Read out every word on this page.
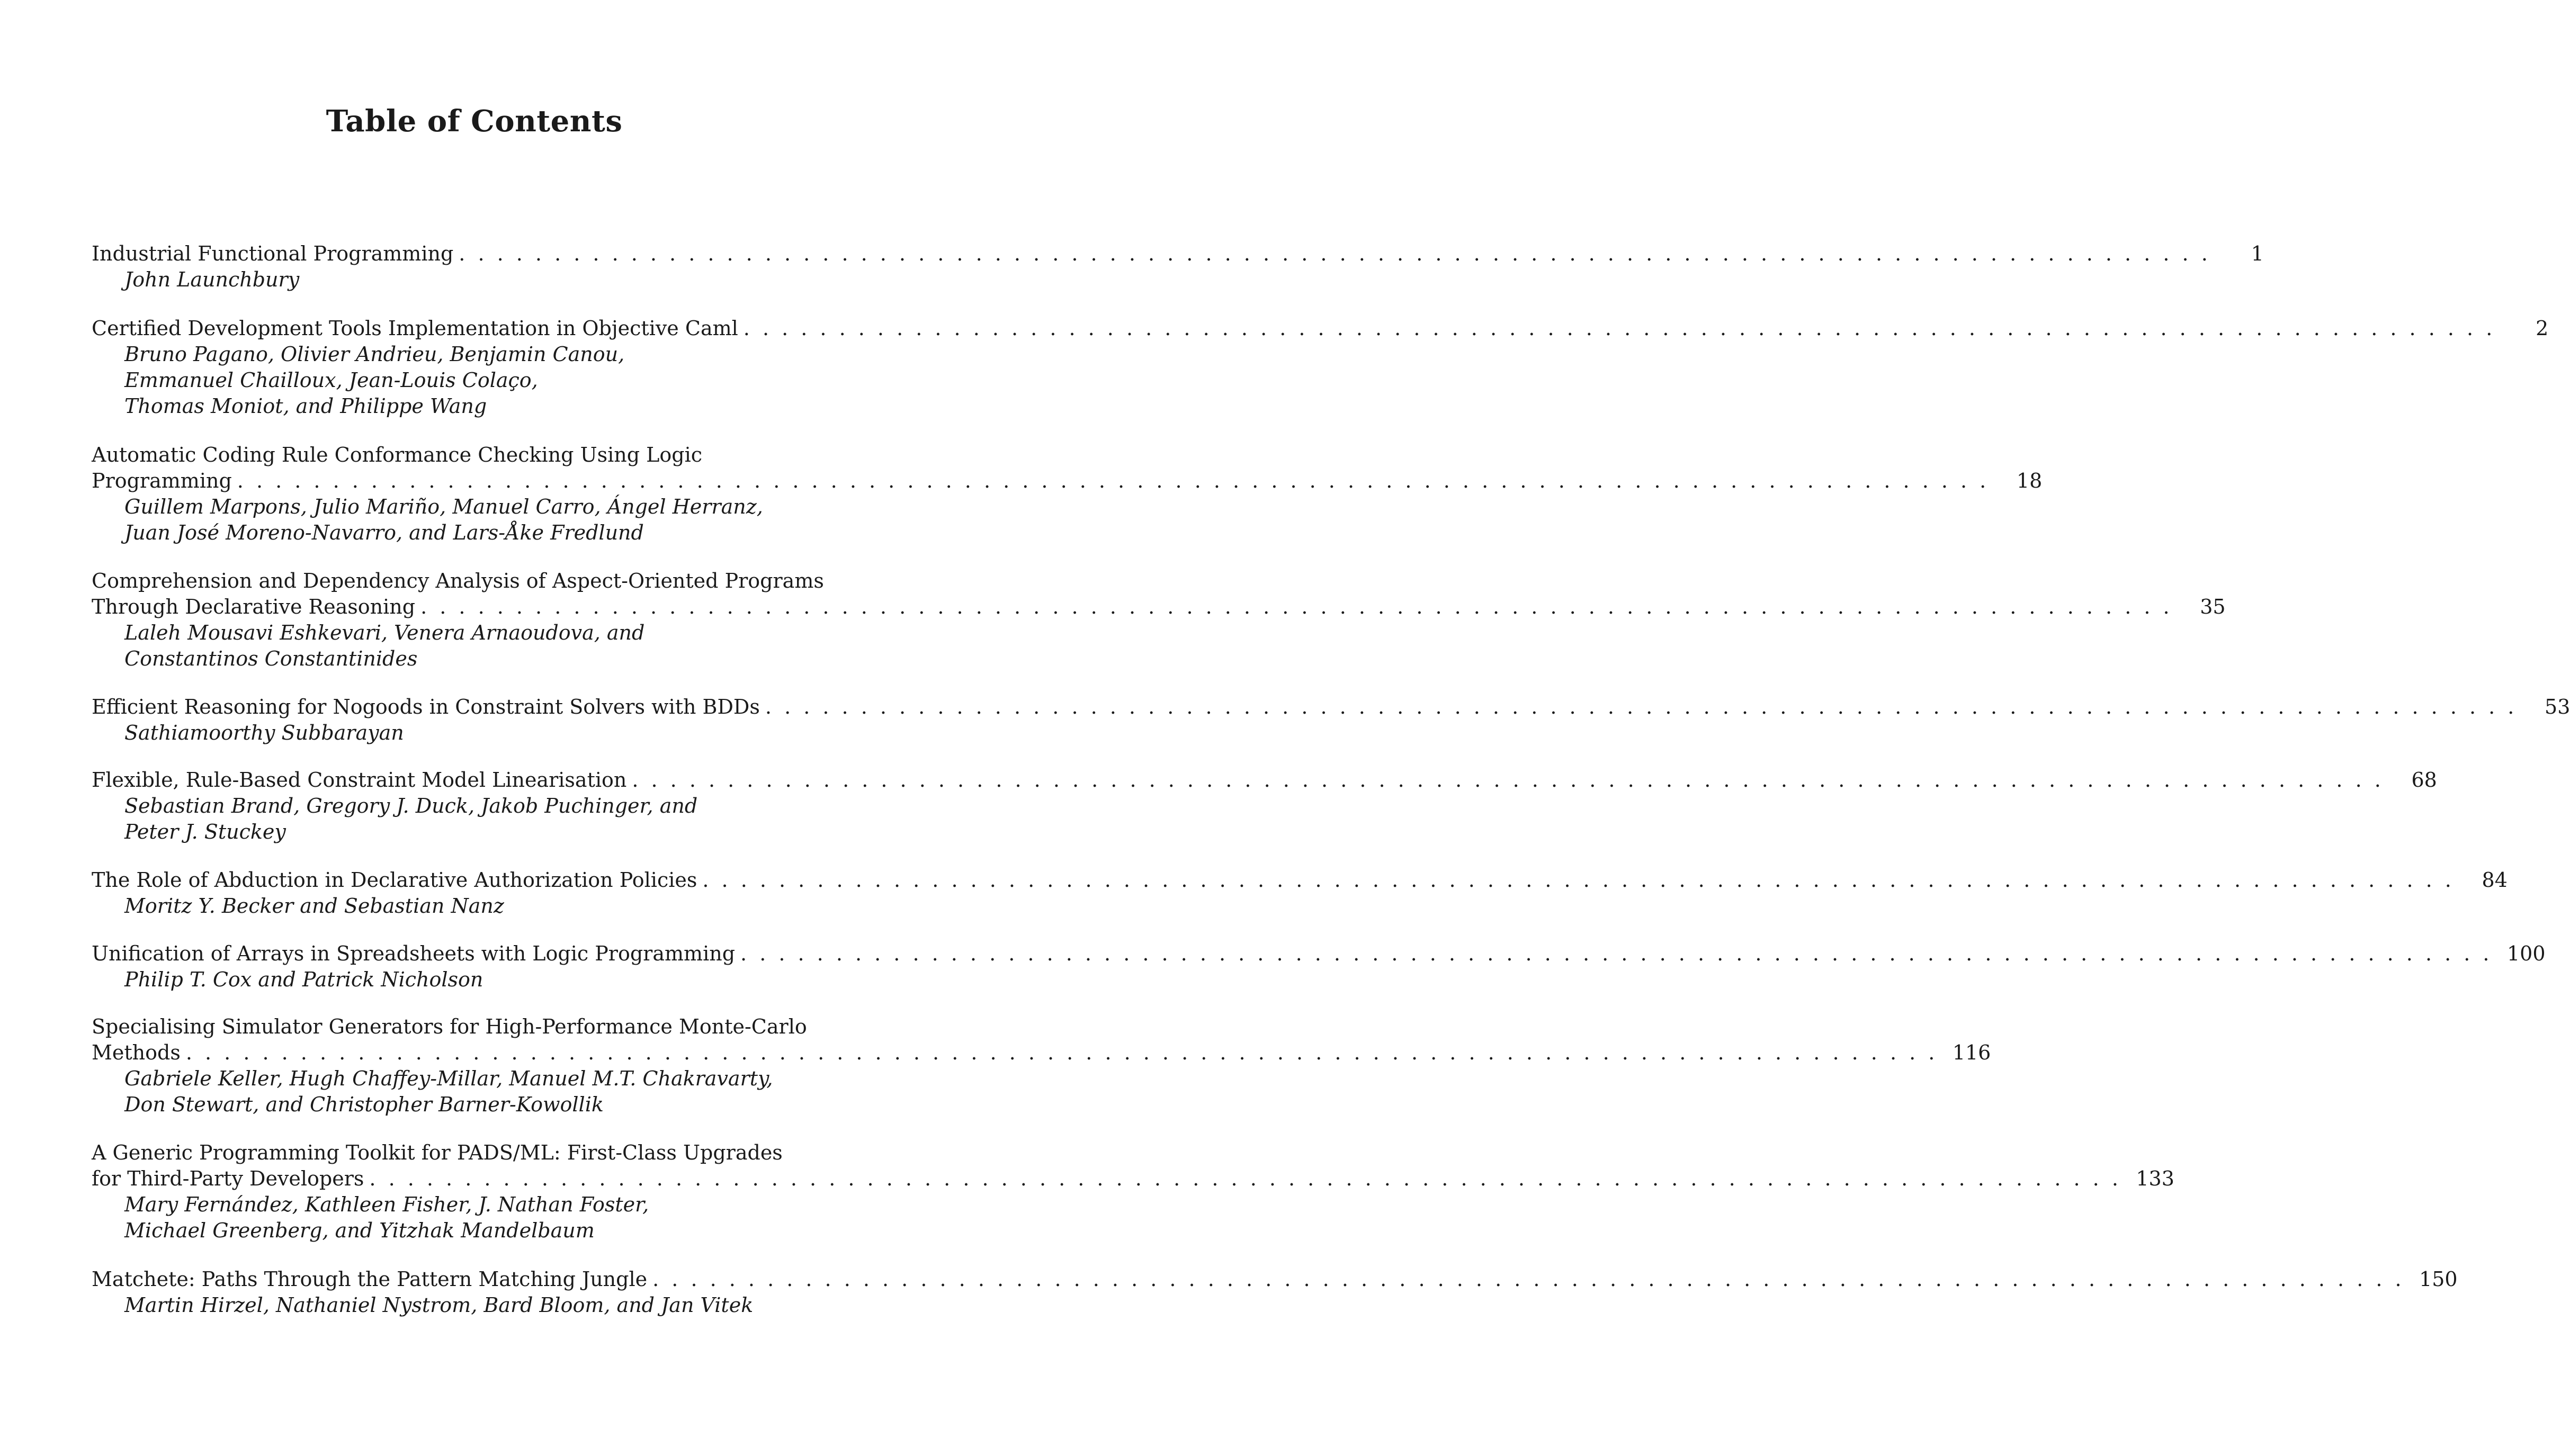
Table of Contents
Industrial Functional Programming . . . . . . . . . . . . . . . . . . . . . . . . . . . . . . . . . . . . . . . . . . . . . . . . . . . . . . . . . . . . . . . . . . . . . . . . . . . . . . . . . . . . . . . . . . . .	1
John Launchbury
Certified Development Tools Implementation in Objective Caml . . . . . . . . . . . . . . . . . . . . . . . . . . . . . . . . . . . . . . . . . . . . . . . . . . . . . . . . . . . . . . . . . . . . . . . . . . . . . . . . . . . . . . . . . . . .	2
Bruno Pagano, Olivier Andrieu, Benjamin Canou,
Emmanuel Chailloux, Jean-Louis Colaço,
Thomas Moniot, and Philippe Wang
Automatic Coding Rule Conformance Checking Using Logic
Programming . . . . . . . . . . . . . . . . . . . . . . . . . . . . . . . . . . . . . . . . . . . . . . . . . . . . . . . . . . . . . . . . . . . . . . . . . . . . . . . . . . . . . . . . . . . .	18
Guillem Marpons, Julio Mariño, Manuel Carro, Ángel Herranz,
Juan José Moreno-Navarro, and Lars-Åke Fredlund
Comprehension and Dependency Analysis of Aspect-Oriented Programs
Through Declarative Reasoning . . . . . . . . . . . . . . . . . . . . . . . . . . . . . . . . . . . . . . . . . . . . . . . . . . . . . . . . . . . . . . . . . . . . . . . . . . . . . . . . . . . . . . . . . . . .	35
Laleh Mousavi Eshkevari, Venera Arnaoudova, and
Constantinos Constantinides
Efficient Reasoning for Nogoods in Constraint Solvers with BDDs . . . . . . . . . . . . . . . . . . . . . . . . . . . . . . . . . . . . . . . . . . . . . . . . . . . . . . . . . . . . . . . . . . . . . . . . . . . . . . . . . . . . . . . . . . . .	53
Sathiamoorthy Subbarayan
Flexible, Rule-Based Constraint Model Linearisation . . . . . . . . . . . . . . . . . . . . . . . . . . . . . . . . . . . . . . . . . . . . . . . . . . . . . . . . . . . . . . . . . . . . . . . . . . . . . . . . . . . . . . . . . . . .	68
Sebastian Brand, Gregory J. Duck, Jakob Puchinger, and
Peter J. Stuckey
The Role of Abduction in Declarative Authorization Policies . . . . . . . . . . . . . . . . . . . . . . . . . . . . . . . . . . . . . . . . . . . . . . . . . . . . . . . . . . . . . . . . . . . . . . . . . . . . . . . . . . . . . . . . . . . .	84
Moritz Y. Becker and Sebastian Nanz
Unification of Arrays in Spreadsheets with Logic Programming . . . . . . . . . . . . . . . . . . . . . . . . . . . . . . . . . . . . . . . . . . . . . . . . . . . . . . . . . . . . . . . . . . . . . . . . . . . . . . . . . . . . . . . . . . . . 100
Philip T. Cox and Patrick Nicholson
Specialising Simulator Generators for High-Performance Monte-Carlo
Methods . . . . . . . . . . . . . . . . . . . . . . . . . . . . . . . . . . . . . . . . . . . . . . . . . . . . . . . . . . . . . . . . . . . . . . . . . . . . . . . . . . . . . . . . . . . . 116
Gabriele Keller, Hugh Chaffey-Millar, Manuel M.T. Chakravarty,
Don Stewart, and Christopher Barner-Kowollik
A Generic Programming Toolkit for PADS/ML: First-Class Upgrades
for Third-Party Developers . . . . . . . . . . . . . . . . . . . . . . . . . . . . . . . . . . . . . . . . . . . . . . . . . . . . . . . . . . . . . . . . . . . . . . . . . . . . . . . . . . . . . . . . . . . . 133
Mary Fernández, Kathleen Fisher, J. Nathan Foster,
Michael Greenberg, and Yitzhak Mandelbaum
Matchete: Paths Through the Pattern Matching Jungle . . . . . . . . . . . . . . . . . . . . . . . . . . . . . . . . . . . . . . . . . . . . . . . . . . . . . . . . . . . . . . . . . . . . . . . . . . . . . . . . . . . . . . . . . . . . 150
Martin Hirzel, Nathaniel Nystrom, Bard Bloom, and Jan Vitek
